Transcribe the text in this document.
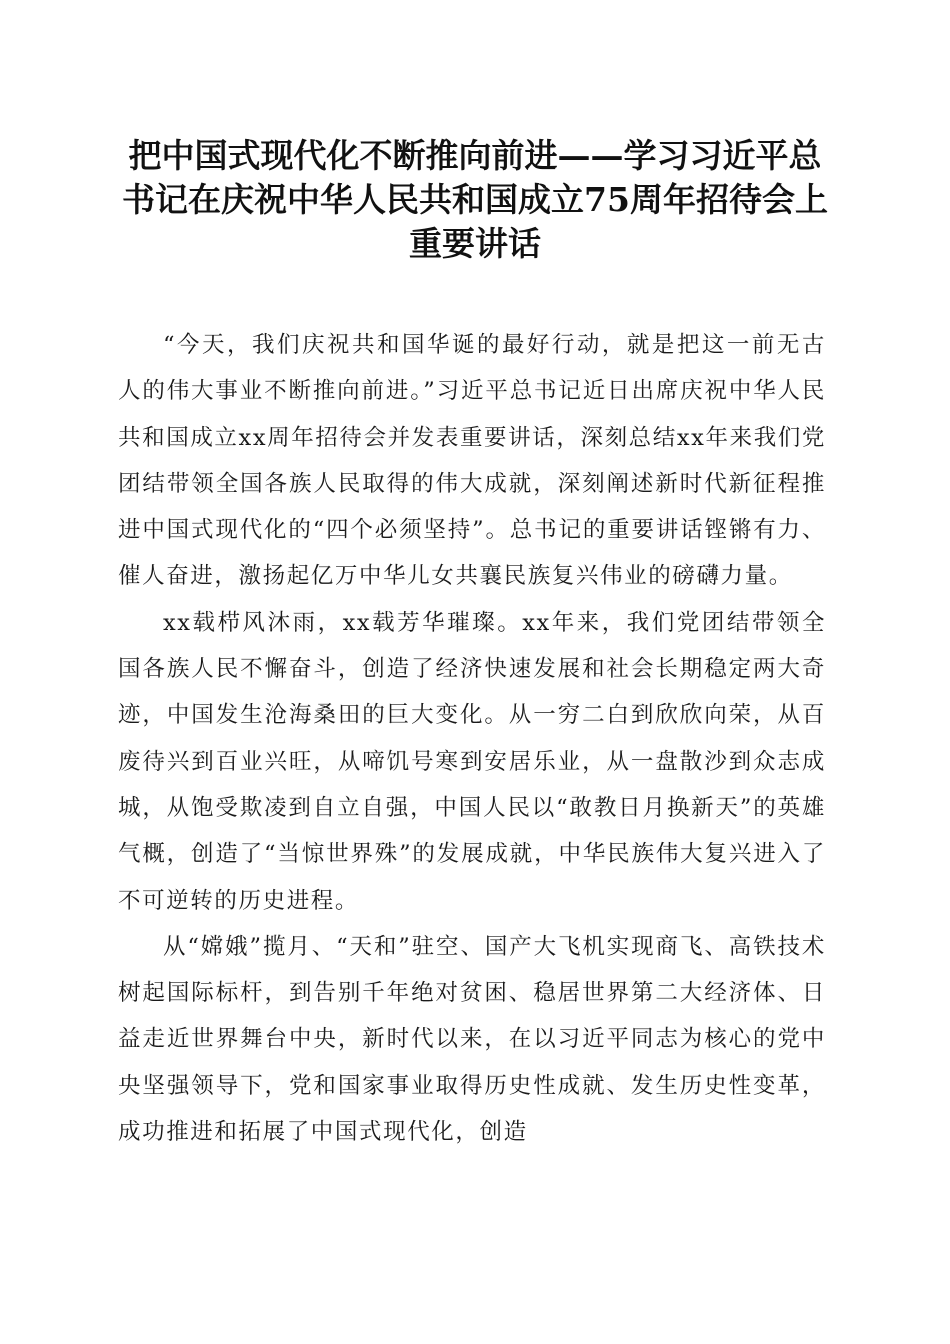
把中国式现代化不断推向前进——学习习近平总书记在庆祝中华人民共和国成立75周年招待会上重要讲话

“今天，我们庆祝共和国华诞的最好行动，就是把这一前无古人的伟大事业不断推向前进。”习近平总书记近日出席庆祝中华人民共和国成立xx周年招待会并发表重要讲话，深刻总结xx年来我们党团结带领全国各族人民取得的伟大成就，深刻阐述新时代新征程推进中国式现代化的“四个必须坚持”。总书记的重要讲话铿锵有力、催人奋进，激扬起亿万中华儿女共襄民族复兴伟业的磅礴力量。

xx载栉风沐雨，xx载芳华璀璨。xx年来，我们党团结带领全国各族人民不懈奋斗，创造了经济快速发展和社会长期稳定两大奇迹，中国发生沧海桑田的巨大变化。从一穷二白到欣欣向荣，从百废待兴到百业兴旺，从啼饥号寒到安居乐业，从一盘散沙到众志成城，从饱受欺凌到自立自强，中国人民以“敢教日月换新天”的英雄气概，创造了“当惊世界殊”的发展成就，中华民族伟大复兴进入了不可逆转的历史进程。

从“嫦娥”揽月、“天和”驻空、国产大飞机实现商飞、高铁技术树起国际标杆，到告别千年绝对贫困、稳居世界第二大经济体、日益走近世界舞台中央，新时代以来，在以习近平同志为核心的党中央坚强领导下，党和国家事业取得历史性成就、发生历史性变革，成功推进和拓展了中国式现代化，创造
